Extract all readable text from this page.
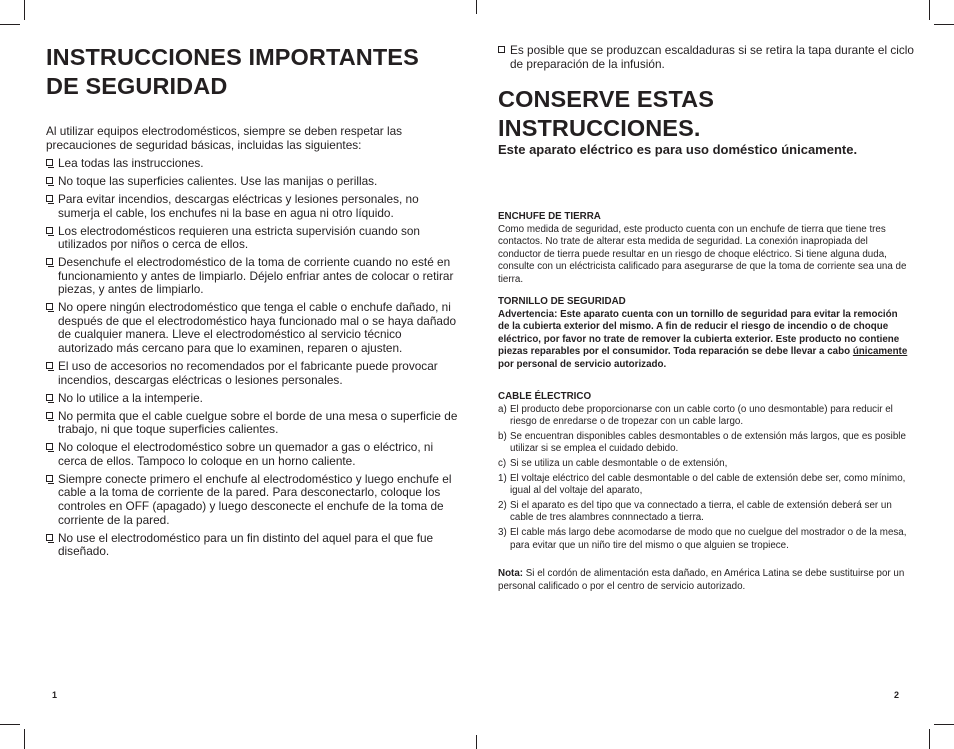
INSTRUCCIONES IMPORTANTES
DE SEGURIDAD
Al utilizar equipos electrodomésticos, siempre se deben respetar las precauciones de seguridad básicas, incluidas las siguientes:
Lea todas las instrucciones.
No toque las superficies calientes. Use las manijas o perillas.
Para evitar incendios, descargas eléctricas y lesiones personales, no sumerja el cable, los enchufes ni la base en agua ni otro líquido.
Los electrodomésticos requieren una estricta supervisión cuando son utilizados por niños o cerca de ellos.
Desenchufe el electrodoméstico de la toma de corriente cuando no esté en funcionamiento y antes de limpiarlo. Déjelo enfriar antes de colocar o retirar piezas, y antes de limpiarlo.
No opere ningún electrodoméstico que tenga el cable o enchufe dañado, ni después de que el electrodoméstico haya funcionado mal o se haya dañado de cualquier manera. Lleve el electrodoméstico al servicio técnico autorizado más cercano para que lo examinen, reparen o ajusten.
El uso de accesorios no recomendados por el fabricante puede provocar incendios, descargas eléctricas o lesiones personales.
No lo utilice a la intemperie.
No permita que el cable cuelgue sobre el borde de una mesa o superficie de trabajo, ni que toque superficies calientes.
No coloque el electrodoméstico sobre un quemador a gas o eléctrico, ni cerca de ellos. Tampoco lo coloque en un horno caliente.
Siempre conecte primero el enchufe al electrodoméstico y luego enchufe el cable a la toma de corriente de la pared. Para desconectarlo, coloque los controles en OFF (apagado) y luego desconecte el enchufe de la toma de corriente de la pared.
No use el electrodoméstico para un fin distinto del aquel para el que fue diseñado.
1
Es posible que se produzcan escaldaduras si se retira la tapa durante el ciclo de preparación de la infusión.
CONSERVE ESTAS
INSTRUCCIONES.
Este aparato eléctrico es para uso doméstico únicamente.
ENCHUFE DE TIERRA
Como medida de seguridad, este producto cuenta con un enchufe de tierra que tiene tres contactos. No trate de alterar esta medida de seguridad. La conexión inapropiada del conductor de tierra puede resultar en un riesgo de choque eléctrico. Si tiene alguna duda, consulte con un eléctricista calificado para asegurarse de que la toma de corriente sea una de tierra.
TORNILLO DE SEGURIDAD
Advertencia: Este aparato cuenta con un tornillo de seguridad para evitar la remoción de la cubierta exterior del mismo. A fin de reducir el riesgo de incendio o de choque eléctrico, por favor no trate de remover la cubierta exterior. Este producto no contiene piezas reparables por el consumidor. Toda reparación se debe llevar a cabo únicamente por personal de servicio autorizado.
CABLE ÉLECTRICO
a) El producto debe proporcionarse con un cable corto (o uno desmontable) para reducir el riesgo de enredarse o de tropezar con un cable largo.
b) Se encuentran disponibles cables desmontables o de extensión más largos, que es posible utilizar si se emplea el cuidado debido.
c) Si se utiliza un cable desmontable o de extensión,
1) El voltaje eléctrico del cable desmontable o del cable de extensión debe ser, como mínimo, igual al del voltaje del aparato,
2) Si el aparato es del tipo que va connectado a tierra, el cable de extensión deberá ser un cable de tres alambres connnectado a tierra.
3) El cable más largo debe acomodarse de modo que no cuelgue del mostrador o de la mesa, para evitar que un niño tire del mismo o que alguien se tropiece.
Nota: Si el cordón de alimentación esta dañado, en América Latina se debe sustituirse por un personal calificado o por el centro de servicio autorizado.
2
